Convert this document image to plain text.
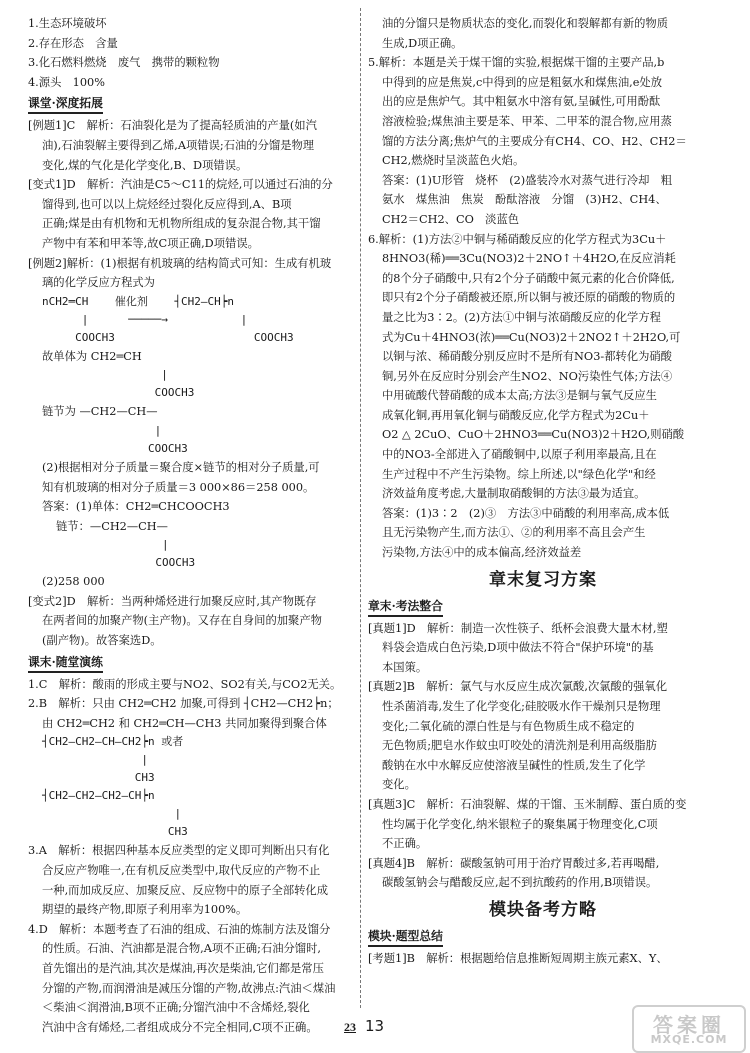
1.生态环境破坏

2.存在形态　含量

3.化石燃料燃烧　废气　携带的颗粒物

4.源头　100%

课堂·深度拓展

[例题1]C　解析：石油裂化是为了提高轻质油的产量(如汽

油),石油裂解主要得到乙烯,A项错误;石油的分馏是物理

变化,煤的气化是化学变化,B、D项错误。

[变式1]D　解析：汽油是C5～C11的烷烃,可以通过石油的分

馏得到,也可以以上烷烃经过裂化反应得到,A、B项

正确;煤是由有机物和无机物所组成的复杂混合物,其干馏

产物中有苯和甲苯等,故C项正确,D项错误。

[例题2]解析：(1)根据有机玻璃的结构简式可知：生成有机玻

璃的化学反应方程式为

nCH2═CH    催化剂    ┤CH2—CH┝n
|      ─────→           |
COOCH3                     COOCH3

故单体为 CH2═CH

|
COOCH3

链节为 —CH2—CH—

|
COOCH3

(2)根据相对分子质量＝聚合度×链节的相对分子质量,可

知有机玻璃的相对分子质量＝3 000×86＝258 000。

答案：(1)单体：CH2═CHCOOCH3

链节：—CH2—CH—

|
COOCH3

(2)258 000

[变式2]D　解析：当两种烯烃进行加聚反应时,其产物既存

在两者间的加聚产物(主产物)。又存在自身间的加聚产物

(副产物)。故答案选D。

课末·随堂演练

1.C　解析：酸雨的形成主要与NO2、SO2有关,与CO2无关。

2.B　解析：只由 CH2═CH2 加聚,可得到 ┤CH2—CH2┝n；

由 CH2═CH2 和 CH2═CH—CH3 共同加聚得到聚合体

┤CH2—CH2—CH—CH2┝n 或者
|
CH3
┤CH2—CH2—CH2—CH┝n
|
CH3

3.A　解析：根据四种基本反应类型的定义即可判断出只有化

合反应产物唯一,在有机反应类型中,取代反应的产物不止

一种,而加成反应、加聚反应、反应物中的原子全部转化成

期望的最终产物,即原子利用率为100%。

4.D　解析：本题考查了石油的组成、石油的炼制方法及馏分

的性质。石油、汽油都是混合物,A项不正确;石油分馏时,

首先馏出的是汽油,其次是煤油,再次是柴油,它们都是常压

分馏的产物,而润滑油是减压分馏的产物,故沸点:汽油＜煤油

＜柴油＜润滑油,B项不正确;分馏汽油中不含烯烃,裂化

汽油中含有烯烃,二者组成成分不完全相同,C项不正确。

油的分馏只是物质状态的变化,而裂化和裂解都有新的物质

生成,D项正确。

5.解析：本题是关于煤干馏的实验,根据煤干馏的主要产品,b

中得到的应是焦炭,c中得到的应是粗氨水和煤焦油,e处放

出的应是焦炉气。其中粗氨水中溶有氨,呈碱性,可用酚酞

溶液检验;煤焦油主要是苯、甲苯、二甲苯的混合物,应用蒸

馏的方法分离;焦炉气的主要成分有CH4、CO、H2、CH2＝

CH2,燃烧时呈淡蓝色火焰。

答案：(1)U形管　烧杯　(2)盛装冷水对蒸气进行冷却　粗

氨水　煤焦油　焦炭　酚酞溶液　分馏　(3)H2、CH4、

CH2＝CH2、CO　淡蓝色

6.解析：(1)方法②中铜与稀硝酸反应的化学方程式为3Cu＋

8HNO3(稀)══3Cu(NO3)2＋2NO↑＋4H2O,在反应消耗

的8个分子硝酸中,只有2个分子硝酸中氮元素的化合价降低,

即只有2个分子硝酸被还原,所以铜与被还原的硝酸的物质的

量之比为3∶2。(2)方法①中铜与浓硝酸反应的化学方程

式为Cu＋4HNO3(浓)══Cu(NO3)2＋2NO2↑＋2H2O,可

以铜与浓、稀硝酸分别反应时不是所有NO3-都转化为硝酸

铜,另外在反应时分别会产生NO2、NO污染性气体;方法④

中用硫酸代替硝酸的成本太高;方法③是铜与氧气反应生

成氧化铜,再用氧化铜与硝酸反应,化学方程式为2Cu＋

O2 △ 2CuO、CuO＋2HNO3══Cu(NO3)2＋H2O,则硝酸

中的NO3-全部进入了硝酸铜中,以原子利用率最高,且在

生产过程中不产生污染物。综上所述,以"绿色化学"和经

济效益角度考虑,大量制取硝酸铜的方法③最为适宜。

答案：(1)3∶2　(2)③　方法③中硝酸的利用率高,成本低

且无污染物产生,而方法①、②的利用率不高且会产生

污染物,方法④中的成本偏高,经济效益差

章末复习方案
章末·考法整合

[真题1]D　解析：制造一次性筷子、纸杯会浪费大量木材,塑

料袋会造成白色污染,D项中做法不符合"保护环境"的基

本国策。

[真题2]B　解析：氯气与水反应生成次氯酸,次氯酸的强氧化

性杀菌消毒,发生了化学变化;硅胶吸水作干燥剂只是物理

变化;二氧化硫的漂白性是与有色物质生成不稳定的

无色物质;肥皂水作蚊虫叮咬处的清洗剂是利用高级脂肪

酸钠在水中水解反应使溶液呈碱性的性质,发生了化学

变化。

[真题3]C　解析：石油裂解、煤的干馏、玉米制醇、蛋白质的变

性均属于化学变化,纳米银粒子的聚集属于物理变化,C项

不正确。

[真题4]B　解析：碳酸氢钠可用于治疗胃酸过多,若再喝醋,

碳酸氢钠会与醋酸反应,起不到抗酸药的作用,B项错误。

模块备考方略
模块·题型总结

[考题1]B　解析：根据题给信息推断短周期主族元素X、Y、

23 13	答案圈
MXQE.COM
